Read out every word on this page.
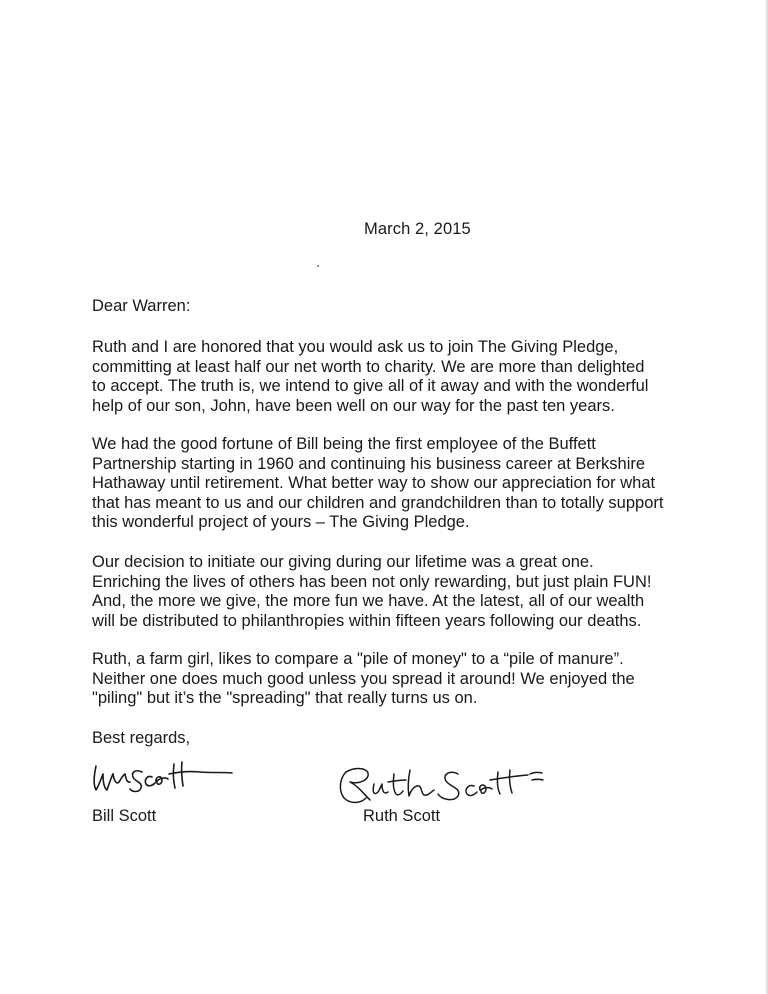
March 2, 2015
Dear Warren:
Ruth and I are honored that you would ask us to join The Giving Pledge,
committing at least half our net worth to charity. We are more than delighted
to accept. The truth is, we intend to give all of it away and with the wonderful
help of our son, John, have been well on our way for the past ten years.
We had the good fortune of Bill being the first employee of the Buffett
Partnership starting in 1960 and continuing his business career at Berkshire
Hathaway until retirement. What better way to show our appreciation for what
that has meant to us and our children and grandchildren than to totally support
this wonderful project of yours – The Giving Pledge.
Our decision to initiate our giving during our lifetime was a great one.
Enriching the lives of others has been not only rewarding, but just plain FUN!
And, the more we give, the more fun we have. At the latest, all of our wealth
will be distributed to philanthropies within fifteen years following our deaths.
Ruth, a farm girl, likes to compare a "pile of money" to a “pile of manure”.
Neither one does much good unless you spread it around! We enjoyed the
"piling" but it’s the "spreading" that really turns us on.
Best regards,
Bill Scott	Ruth Scott
